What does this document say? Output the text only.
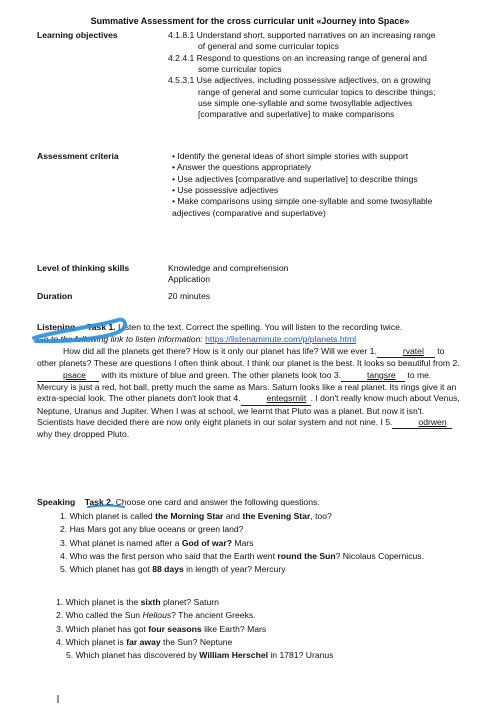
Summative Assessment for the cross curricular unit «Journey into Space»
Learning objectives	4.1.8.1 Understand short, supported narratives on an increasing range of general and some curricular topics
4.2.4.1 Respond to questions on an increasing range of general and some curricular topics
4.5.3.1 Use adjectives, including possessive adjectives, on a growing range of general and some curricular topics to describe things; use simple one-syllable and some twosyllable adjectives [comparative and superlative] to make comparisons
Assessment criteria	• Identify the general ideas of short simple stories with support
• Answer the questions appropriately
• Use adjectives [comparative and superlative] to describe things
• Use possessive adjectives
• Make comparisons using simple one-syllable and some twosyllable adjectives (comparative and superlative)
Level of thinking skills	Knowledge and comprehension
Application
Duration	20 minutes
Listening Task 1. Listen to the text. Correct the spelling. You will listen to the recording twice.
Go to the following link to listen information: https://listenaminute.com/p/planets.html
How did all the planets get there? How is it only our planet has life? Will we ever 1.	rvatel to other planets? These are questions I often think about. I think our planet is the best. It looks so beautiful from 2.psace with its mixture of blue and green. The other planets look too 3.	tangsre to me. Mercury is just a red, hot ball, pretty much the same as Mars. Saturn looks like a real planet. Its rings give it an extra-special look. The other planets don't look that 4.	entegsrniit . I don't really know much about Venus, Neptune, Uranus and Jupiter. When I was at school, we learnt that Pluto was a planet. But now it isn't. Scientists have decided there are now only eight planets in our solar system and not nine. I 5.	odrwen why they dropped Pluto.
Speaking Task 2. Choose one card and answer the following questions.
1. Which planet is called the Morning Star and the Evening Star, too?
2. Has Mars got any blue oceans or green land?
3. What planet is named after a God of war? Mars
4. Who was the first person who said that the Earth went round the Sun? Nicolaus Copernicus.
5. Which planet has got 88 days in length of year? Mercury
1. Which planet is the sixth planet? Saturn
2. Who called the Sun Helious? The ancient Greeks.
3. Which planet has got four seasons like Earth? Mars
4. Which planet is far away the Sun? Neptune
5. Which planet has discovered by William Herschel in 1781? Uranus
